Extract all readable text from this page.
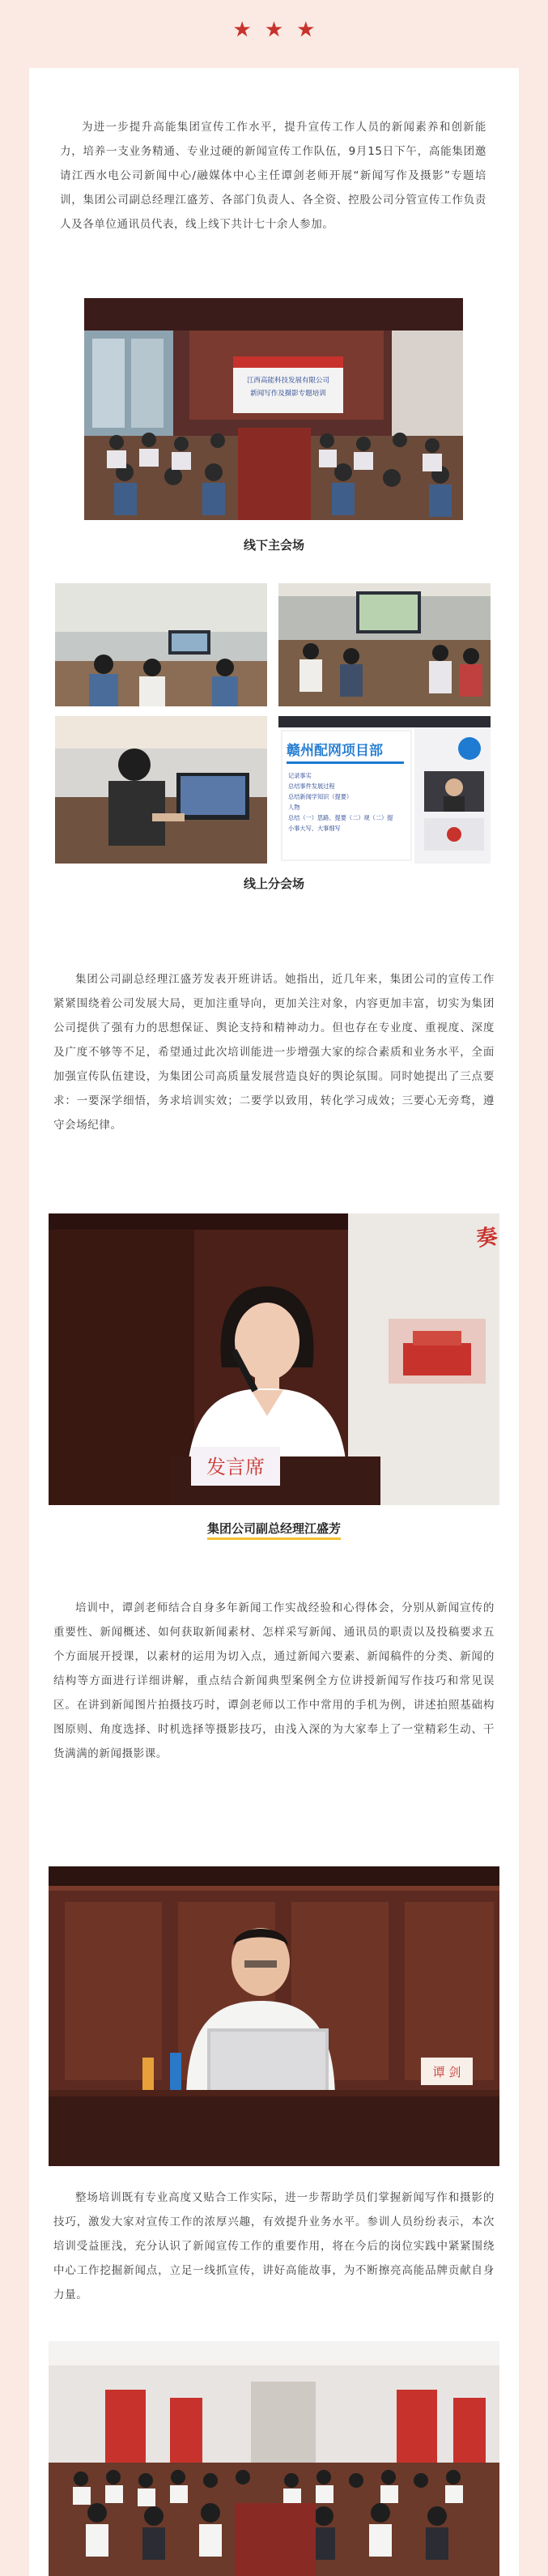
★ ★ ★

为进一步提升高能集团宣传工作水平，提升宣传工作人员的新闻素养和创新能力，培养一支业务精通、专业过硬的新闻宣传工作队伍，9月15日下午，高能集团邀请江西水电公司新闻中心/融媒体中心主任谭剑老师开展“新闻写作及摄影”专题培训，集团公司副总经理江盛芳、各部门负责人、各全资、控股公司分管宣传工作负责人及各单位通讯员代表，线上线下共计七十余人参加。

江西高能科技发展有限公司
新闻写作及摄影专题培训
线下主会场
赣州配网项目部
记录事实
总结事件发展过程
总结新闻学知识（提要）
人物
总结（一）思路、提要（二）规（二）提
小事大写、大事细写
线上分会场

集团公司副总经理江盛芳发表开班讲话。她指出，近几年来，集团公司的宣传工作紧紧围绕着公司发展大局，更加注重导向，更加关注对象，内容更加丰富，切实为集团公司提供了强有力的思想保证、舆论支持和精神动力。但也存在专业度、重视度、深度及广度不够等不足，希望通过此次培训能进一步增强大家的综合素质和业务水平，全面加强宣传队伍建设，为集团公司高质量发展营造良好的舆论氛围。同时她提出了三点要求：一要深学细悟，务求培训实效；二要学以致用，转化学习成效；三要心无旁骛，遵守会场纪律。

奏
发言席
集团公司副总经理江盛芳

培训中，谭剑老师结合自身多年新闻工作实战经验和心得体会，分别从新闻宣传的重要性、新闻概述、如何获取新闻素材、怎样采写新闻、通讯员的职责以及投稿要求五个方面展开授课，以素材的运用为切入点，通过新闻六要素、新闻稿件的分类、新闻的结构等方面进行详细讲解，重点结合新闻典型案例全方位讲授新闻写作技巧和常见误区。在讲到新闻图片拍摄技巧时，谭剑老师以工作中常用的手机为例，讲述拍照基础构图原则、角度选择、时机选择等摄影技巧，由浅入深的为大家奉上了一堂精彩生动、干货满满的新闻摄影课。

谭 剑

整场培训既有专业高度又贴合工作实际，进一步帮助学员们掌握新闻写作和摄影的技巧，激发大家对宣传工作的浓厚兴趣，有效提升业务水平。参训人员纷纷表示，本次培训受益匪浅，充分认识了新闻宣传工作的重要作用，将在今后的岗位实践中紧紧围绕中心工作挖掘新闻点，立足一线抓宣传，讲好高能故事，为不断擦亮高能品牌贡献自身力量。
